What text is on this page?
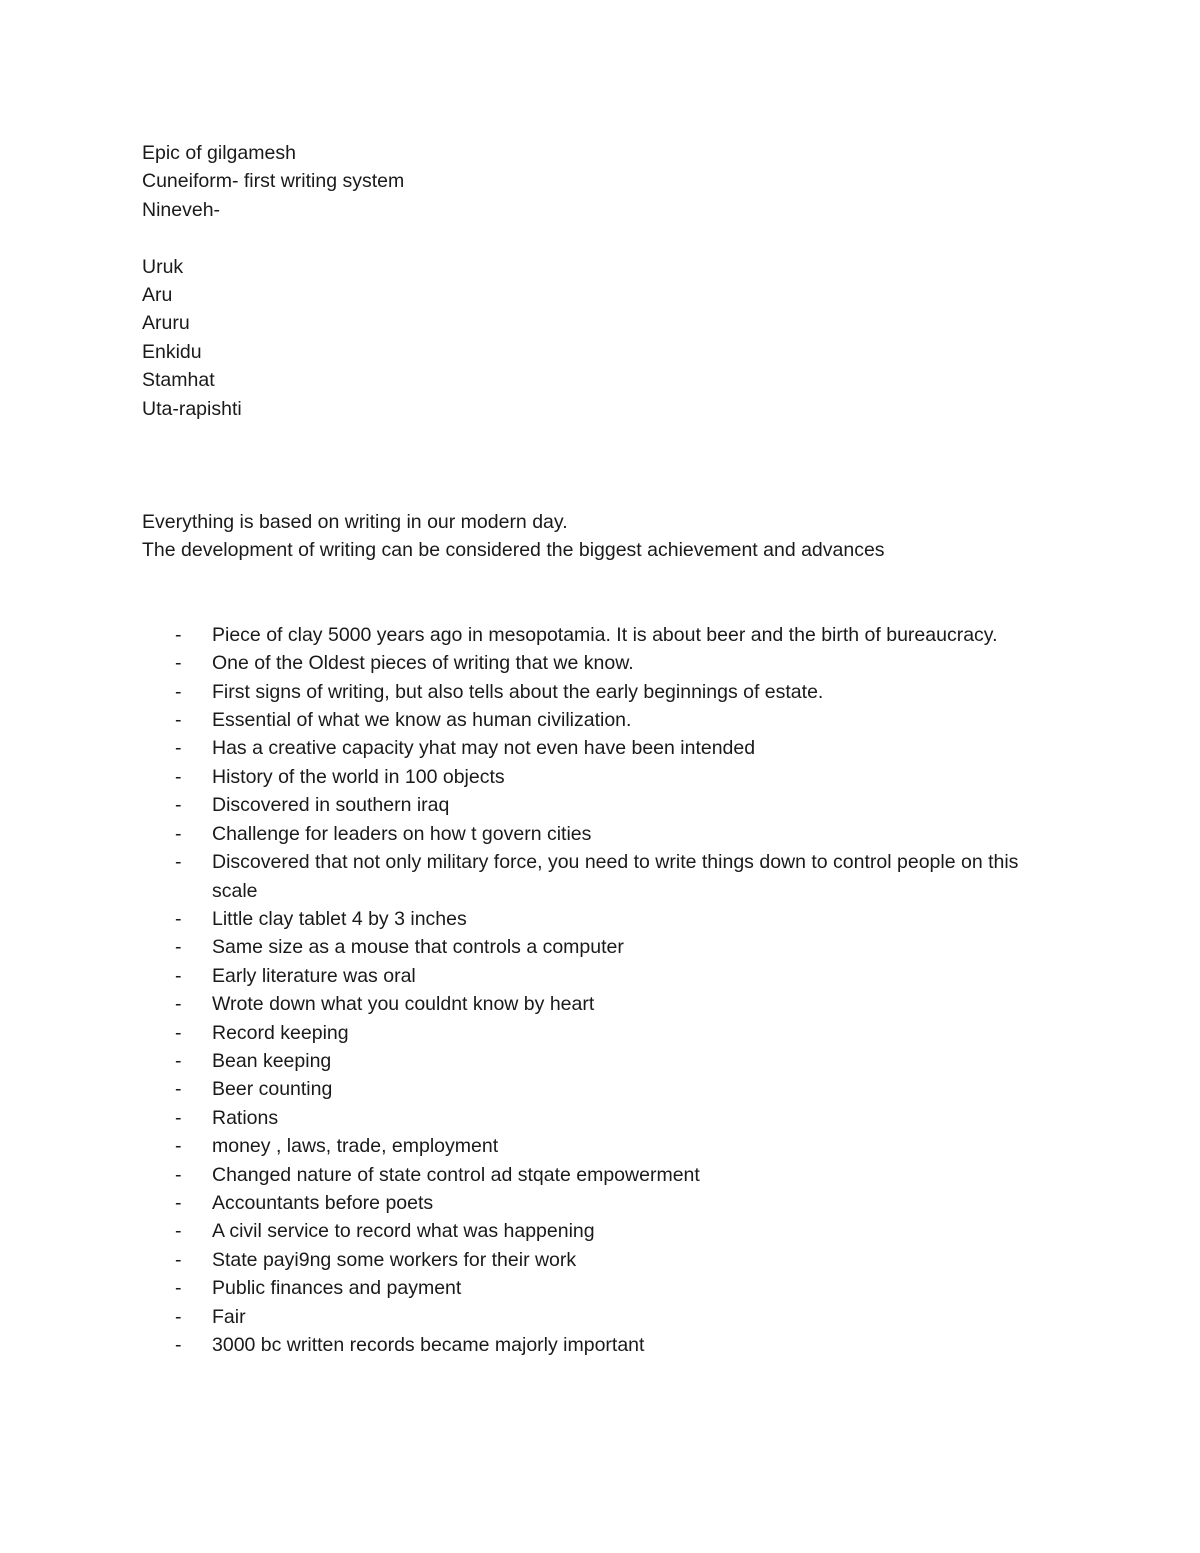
Epic of gilgamesh

Cuneiform- first writing system

Nineveh-

Uruk

Aru

Aruru

Enkidu

Stamhat

Uta-rapishti

Everything is based on writing in our modern day.

The development of writing can be considered the biggest achievement and advances

- Piece of clay 5000 years ago in mesopotamia. It is about beer and the birth of bureaucracy.
- One of the Oldest pieces of writing that we know.
- First signs of writing, but also tells about the early beginnings of estate.
- Essential of what we know as human civilization.
- Has a creative capacity yhat may not even have been intended
- History of the world in 100 objects
- Discovered in southern iraq
- Challenge for leaders on how t govern cities
- Discovered that not only military force, you need to write things down to control people on this scale
- Little clay tablet 4 by 3 inches
- Same size as a mouse that controls a computer
- Early literature was oral
- Wrote down what you couldnt know by heart
- Record keeping
- Bean keeping
- Beer counting
- Rations
- money , laws, trade, employment
- Changed nature of state control ad stqate empowerment
- Accountants before poets
- A civil service to record what was happening
- State payi9ng some workers for their work
- Public finances and payment
- Fair
- 3000 bc written records became majorly important
